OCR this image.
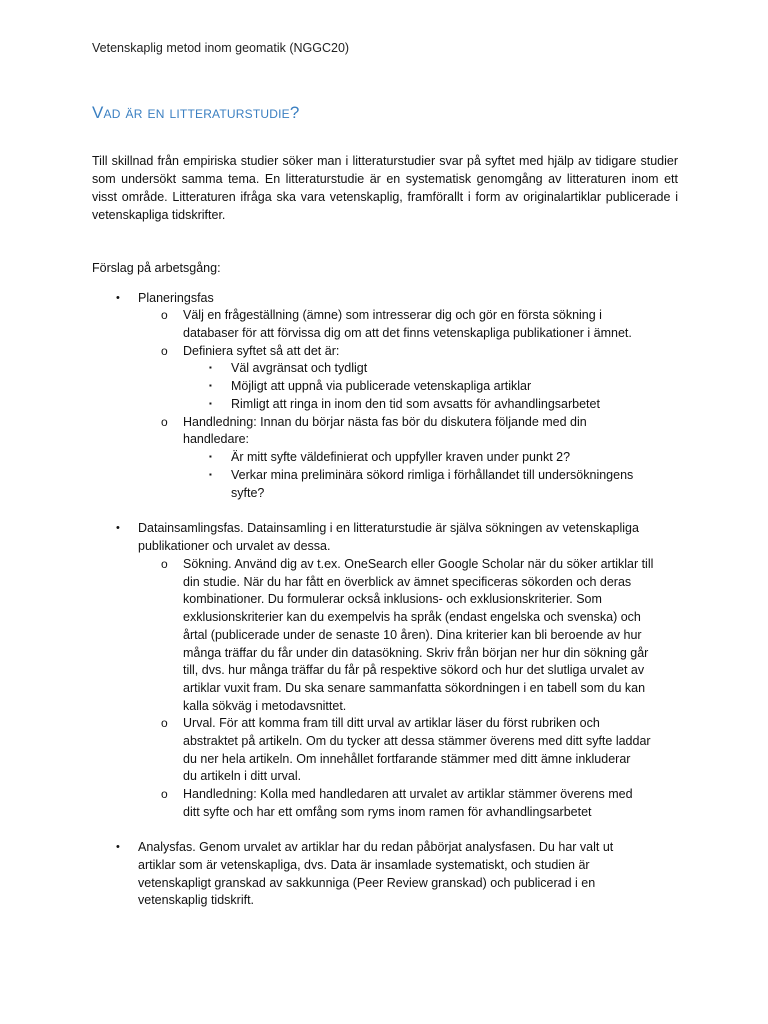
Vetenskaplig metod inom geomatik (NGGC20)
Vad är en litteraturstudie?

Till skillnad från empiriska studier söker man i litteraturstudier svar på syftet med hjälp av tidigare studier som undersökt samma tema. En litteraturstudie är en systematisk genomgång av litteraturen inom ett visst område. Litteraturen ifråga ska vara vetenskaplig, framförallt i form av originalartiklar publicerade i vetenskapliga tidskrifter.

Förslag på arbetsgång:
• Planeringsfas
o Välj en frågeställning (ämne) som intresserar dig och gör en första sökning i
databaser för att förvissa dig om att det finns vetenskapliga publikationer i ämnet.
o Definiera syftet så att det är:
▪ Väl avgränsat och tydligt
▪ Möjligt att uppnå via publicerade vetenskapliga artiklar
▪ Rimligt att ringa in inom den tid som avsatts för avhandlingsarbetet
o Handledning: Innan du börjar nästa fas bör du diskutera följande med din
handledare:
▪ Är mitt syfte väldefinierat och uppfyller kraven under punkt 2?
▪ Verkar mina preliminära sökord rimliga i förhållandet till undersökningens
syfte?
• Datainsamlingsfas. Datainsamling i en litteraturstudie är själva sökningen av vetenskapliga
publikationer och urvalet av dessa.
o Sökning. Använd dig av t.ex. OneSearch eller Google Scholar när du söker artiklar till
din studie. När du har fått en överblick av ämnet specificeras sökorden och deras
kombinationer. Du formulerar också inklusions- och exklusionskriterier. Som
exklusionskriterier kan du exempelvis ha språk (endast engelska och svenska) och
årtal (publicerade under de senaste 10 åren). Dina kriterier kan bli beroende av hur
många träffar du får under din datasökning. Skriv från början ner hur din sökning går
till, dvs. hur många träffar du får på respektive sökord och hur det slutliga urvalet av
artiklar vuxit fram. Du ska senare sammanfatta sökordningen i en tabell som du kan
kalla sökväg i metodavsnittet.
o Urval. För att komma fram till ditt urval av artiklar läser du först rubriken och
abstraktet på artikeln. Om du tycker att dessa stämmer överens med ditt syfte laddar
du ner hela artikeln. Om innehållet fortfarande stämmer med ditt ämne inkluderar
du artikeln i ditt urval.
o Handledning: Kolla med handledaren att urvalet av artiklar stämmer överens med
ditt syfte och har ett omfång som ryms inom ramen för avhandlingsarbetet
• Analysfas. Genom urvalet av artiklar har du redan påbörjat analysfasen. Du har valt ut
artiklar som är vetenskapliga, dvs. Data är insamlade systematiskt, och studien är
vetenskapligt granskad av sakkunniga (Peer Review granskad) och publicerad i en
vetenskaplig tidskrift.
